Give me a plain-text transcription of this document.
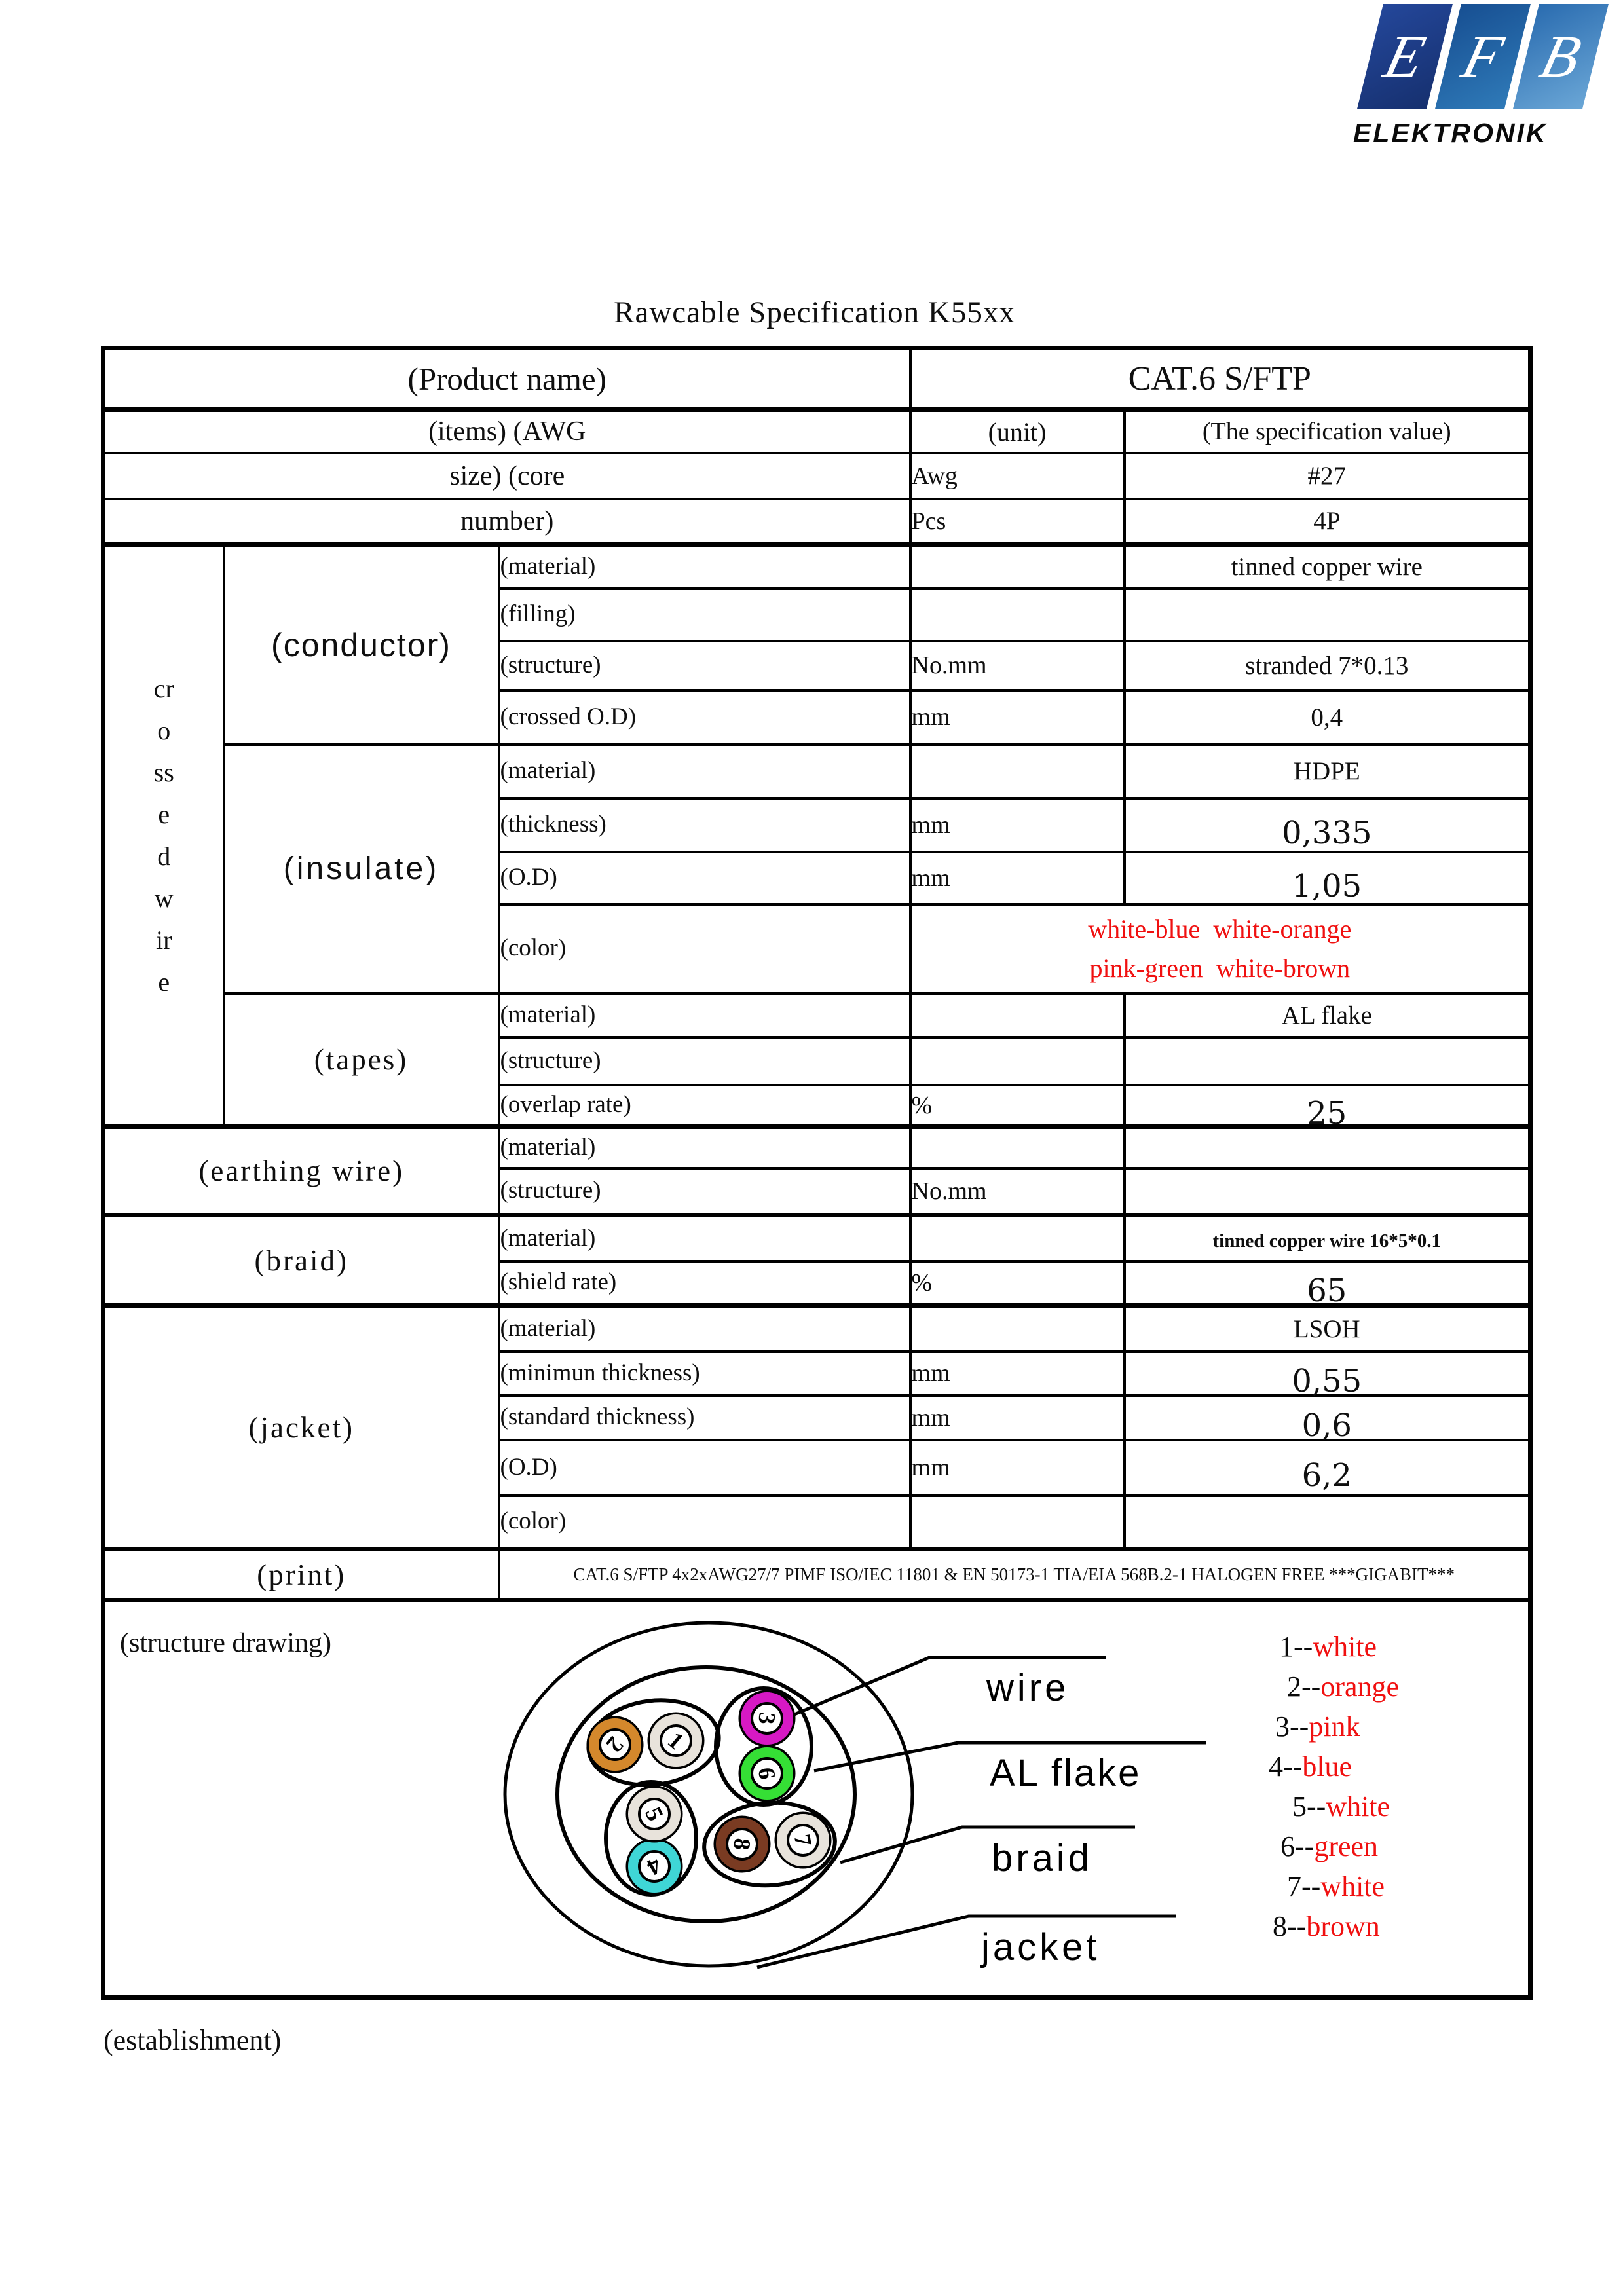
E F B
ELEKTRONIK
Rawcable Specification K55xx
(Product name)			CAT.6 S/FTP	
(items) (AWG			(unit)	(The specification value)
size) (core			Awg	#27
number)			Pcs	4P

crossed wire	(conductor)	(material)		tinned copper wire
		(filling)		
		(structure)	No.mm	stranded 7*0.13
		(crossed O.D)	mm	0,4
	(insulate)	(material)		HDPE
		(thickness)	mm	0,335
		(O.D)	mm	1,05
		(color)	white-blue  white-orange
pink-green  white-brown	

	(tapes)	(material)		AL flake
		(structure)		
		(overlap rate)	%	25
(earthing wire)		(material)		
		(structure)	No.mm	
(braid)		(material)		tinned copper wire 16*5*0.1
		(shield rate)	%	65
(jacket)		(material)		LSOH
		(minimun thickness)	mm	0,55
		(standard thickness)	mm	0,6
		(O.D)	mm	6,2
		(color)		
(print)		CAT.6 S/FTP 4x2xAWG27/7 PIMF ISO/IEC 11801 & EN 50173-1 TIA/EIA 568B.2-1 HALOGEN FREE ***GIGABIT***		

(structure drawing)
1
2
3
4
5
6
7
8
wire
AL flake
braid
jacket
1--white
2--orange
3--pink
4--blue
5--white
6--green
7--white
8--brown
(establishment)
